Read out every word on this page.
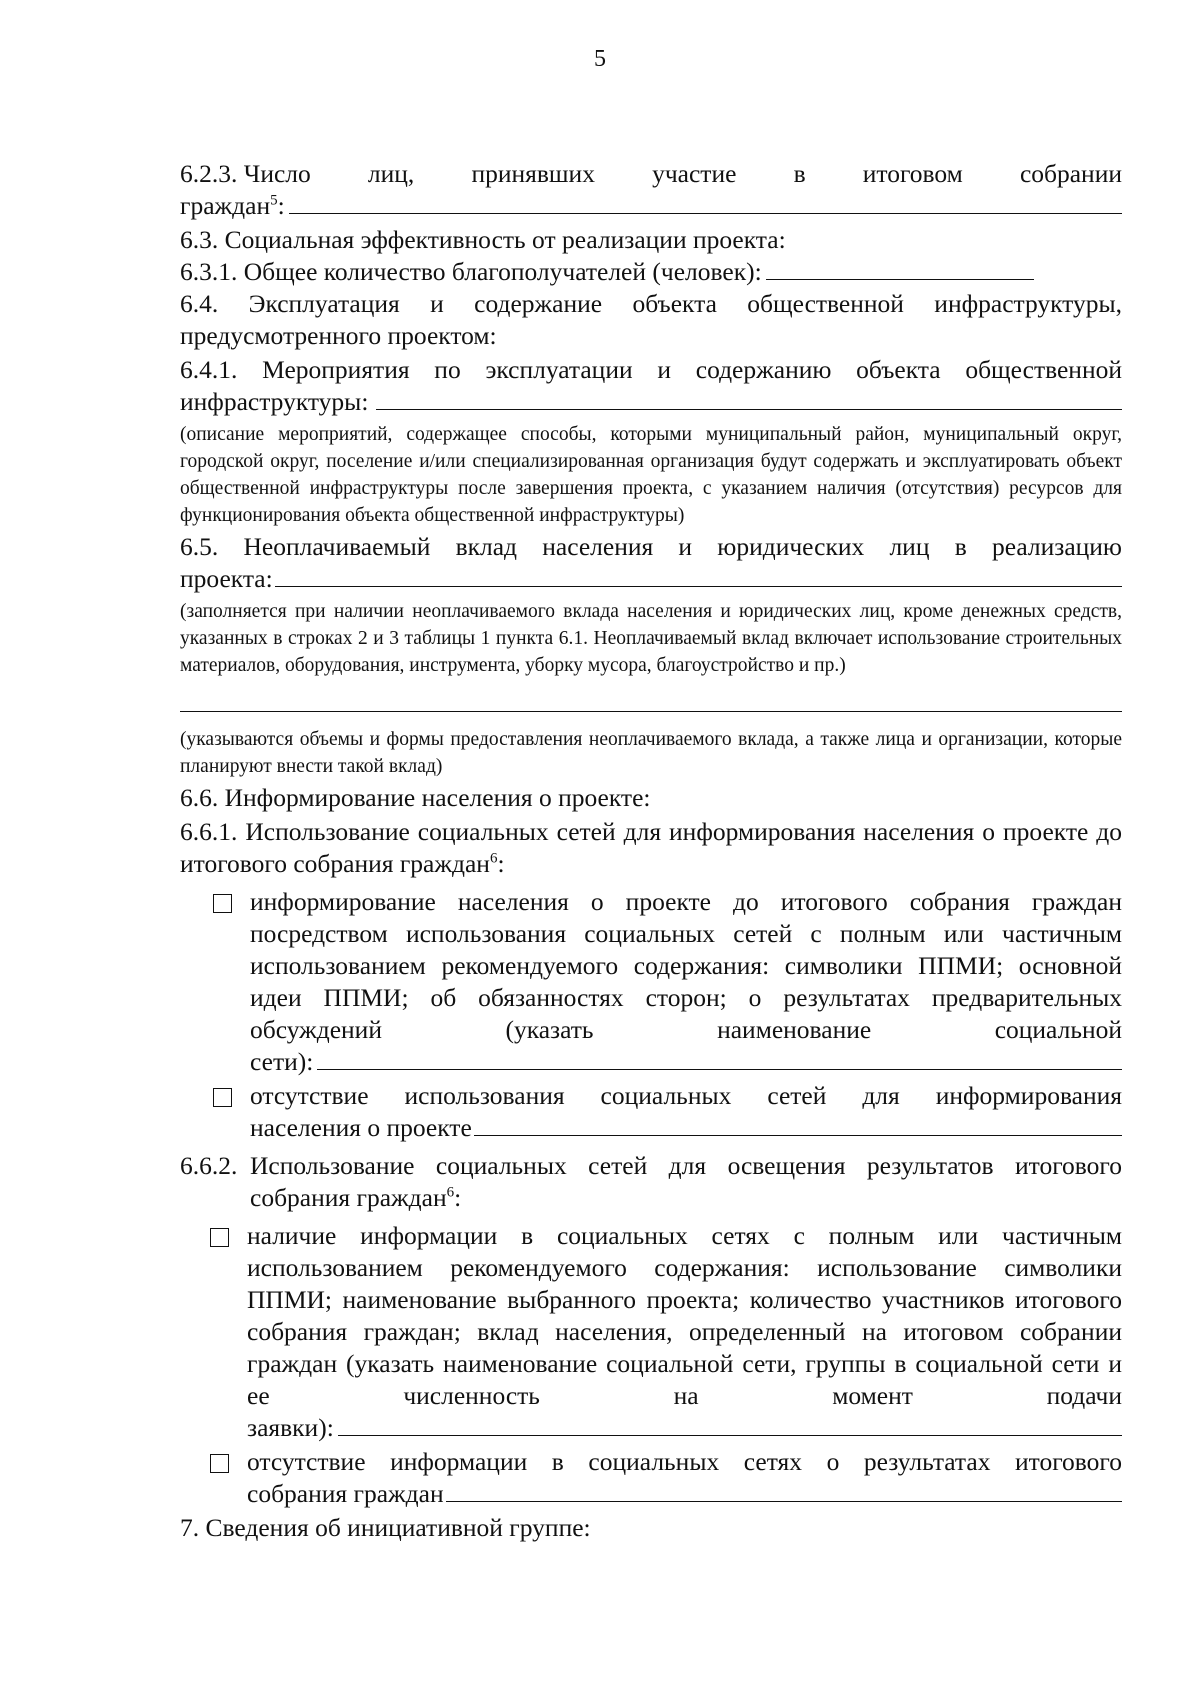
5
6.2.3. Число лиц, принявших участие в итоговом собрании
граждан$^5$:

6.3. Социальная эффективность от реализации проекта:

6.3.1. Общее количество благополучателей (человек):

6.4. Эксплуатация и содержание объекта общественной инфраструктуры, предусмотренного проектом:

6.4.1. Мероприятия по эксплуатации и содержанию объекта общественной

инфраструктуры:

(описание мероприятий, содержащее способы, которыми муниципальный район, муниципальный округ, городской округ, поселение и/или специализированная организация будут содержать и эксплуатировать объект общественной инфраструктуры после завершения проекта, с указанием наличия (отсутствия) ресурсов для функционирования объекта общественной инфраструктуры)

6.5. Неоплачиваемый вклад населения и юридических лиц в реализацию

проекта:

(заполняется при наличии неоплачиваемого вклада населения и юридических лиц, кроме денежных средств, указанных в строках 2 и 3 таблицы 1 пункта 6.1. Неоплачиваемый вклад включает использование строительных материалов, оборудования, инструмента, уборку мусора, благоустройство и пр.)

(указываются объемы и формы предоставления неоплачиваемого вклада, а также лица и организации, которые планируют внести такой вклад)

6.6. Информирование населения о проекте:

6.6.1. Использование социальных сетей для информирования населения о проекте до итогового собрания граждан$^6$:

информирование населения о проекте до итогового собрания граждан посредством использования социальных сетей с полным или частичным использованием рекомендуемого содержания: символики ППМИ; основной идеи ППМИ; об обязанностях сторон; о результатах предварительных обсуждений (указать наименование социальной
сети):
отсутствие использования социальных сетей для информирования
населения о проекте
6.6.2. Использование социальных сетей для освещения результатов итогового собрания граждан$^6$:
наличие информации в социальных сетях с полным или частичным использованием рекомендуемого содержания: использование символики ППМИ; наименование выбранного проекта; количество участников итогового собрания граждан; вклад населения, определенный на итоговом собрании граждан (указать наименование социальной сети, группы в социальной сети и ее численность на момент подачи
заявки):
отсутствие информации в социальных сетях о результатах итогового
собрания граждан

7. Сведения об инициативной группе:
